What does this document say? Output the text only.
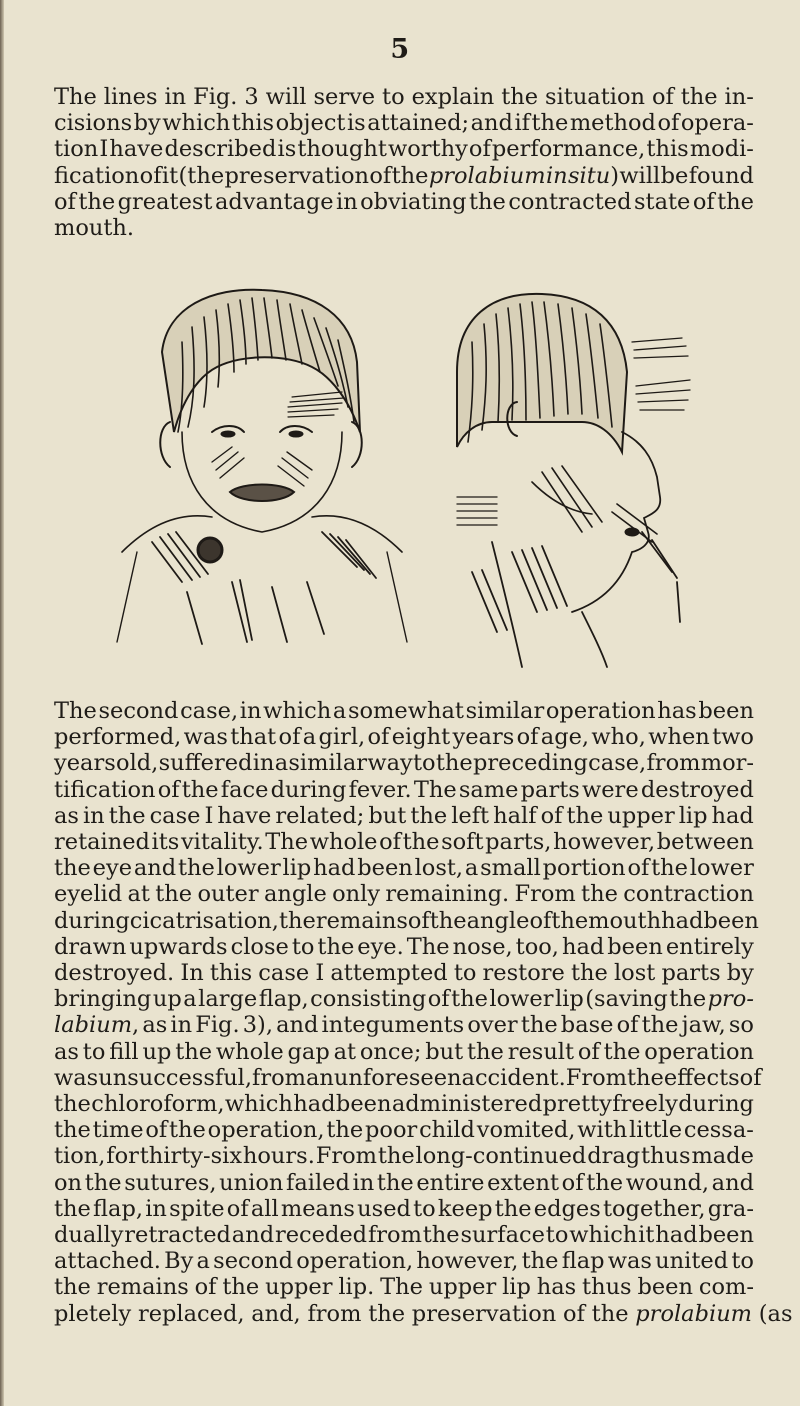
5
The lines in Fig. 3 will serve to explain the situation of the in-
cisions by which this object is attained; and if the method of opera-
tion I have described is thought worthy of performance, this modi-
fication of it (the preservation of the prolabium in situ) will be found
of the greatest advantage in obviating the contracted state of the
mouth.
The second case, in which a somewhat similar operation has been
performed, was that of a girl, of eight years of age, who, when two
years old, suffered in a similar way to the preceding case, from mor-
tification of the face during fever. The same parts were destroyed
as in the case I have related; but the left half of the upper lip had
retained its vitality. The whole of the soft parts, however, between
the eye and the lower lip had been lost, a small portion of the lower
eyelid at the outer angle only remaining. From the contraction
during cicatrisation, the remains of the angle of the mouth had been
drawn upwards close to the eye. The nose, too, had been entirely
destroyed. In this case I attempted to restore the lost parts by
bringing up a large flap, consisting of the lower lip (saving the pro-
labium, as in Fig. 3), and integuments over the base of the jaw, so
as to fill up the whole gap at once; but the result of the operation
was unsuccessful, from an unforeseen accident. From the effects of
the chloroform, which had been administered pretty freely during
the time of the operation, the poor child vomited, with little cessa-
tion, for thirty-six hours. From the long-continued drag thus made
on the sutures, union failed in the entire extent of the wound, and
the flap, in spite of all means used to keep the edges together, gra-
dually retracted and receded from the surface to which it had been
attached. By a second operation, however, the flap was united to
the remains of the upper lip. The upper lip has thus been com-
pletely replaced, and, from the preservation of the prolabium (as
